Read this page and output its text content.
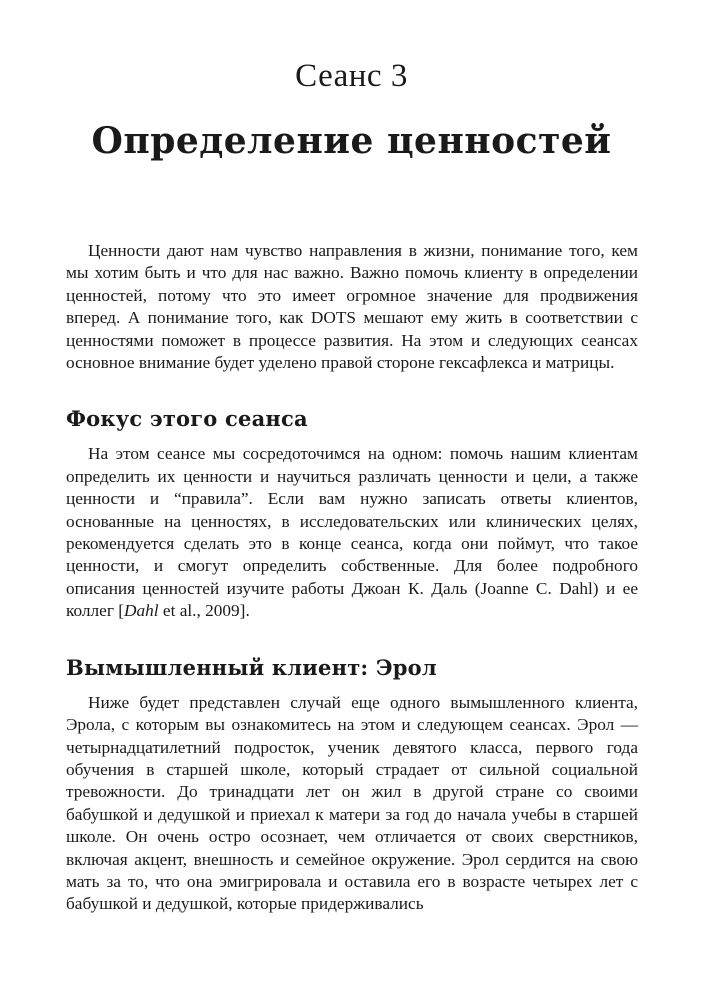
Сеанс 3
Определение ценностей

Ценности дают нам чувство направления в жизни, понимание того, кем мы хотим быть и что для нас важно. Важно помочь клиенту в определении ценностей, потому что это имеет огромное значение для продвижения вперед. А понимание того, как DOTS мешают ему жить в соответствии с ценностями поможет в процессе развития. На этом и следующих сеансах основное внимание будет уделено правой стороне гексафлекса и матрицы.

Фокус этого сеанса

На этом сеансе мы сосредоточимся на одном: помочь нашим клиентам определить их ценности и научиться различать ценности и цели, а также ценности и “правила”. Если вам нужно записать ответы клиентов, основанные на ценностях, в исследовательских или клинических целях, рекомендуется сделать это в конце сеанса, когда они поймут, что такое ценности, и смогут определить собственные. Для более подробного описания ценностей изучите работы Джоан К. Даль (Joanne C. Dahl) и ее коллег [Dahl et al., 2009].

Вымышленный клиент: Эрол

Ниже будет представлен случай еще одного вымышленного клиента, Эрола, с которым вы ознакомитесь на этом и следующем сеансах. Эрол — четырнадцатилетний подросток, ученик девятого класса, первого года обучения в старшей школе, который страдает от сильной социальной тревожности. До тринадцати лет он жил в другой стране со своими бабушкой и дедушкой и приехал к матери за год до начала учебы в старшей школе. Он очень остро осознает, чем отличается от своих сверстников, включая акцент, внешность и семейное окружение. Эрол сердится на свою мать за то, что она эмигрировала и оставила его в возрасте четырех лет с бабушкой и дедушкой, которые придерживались
